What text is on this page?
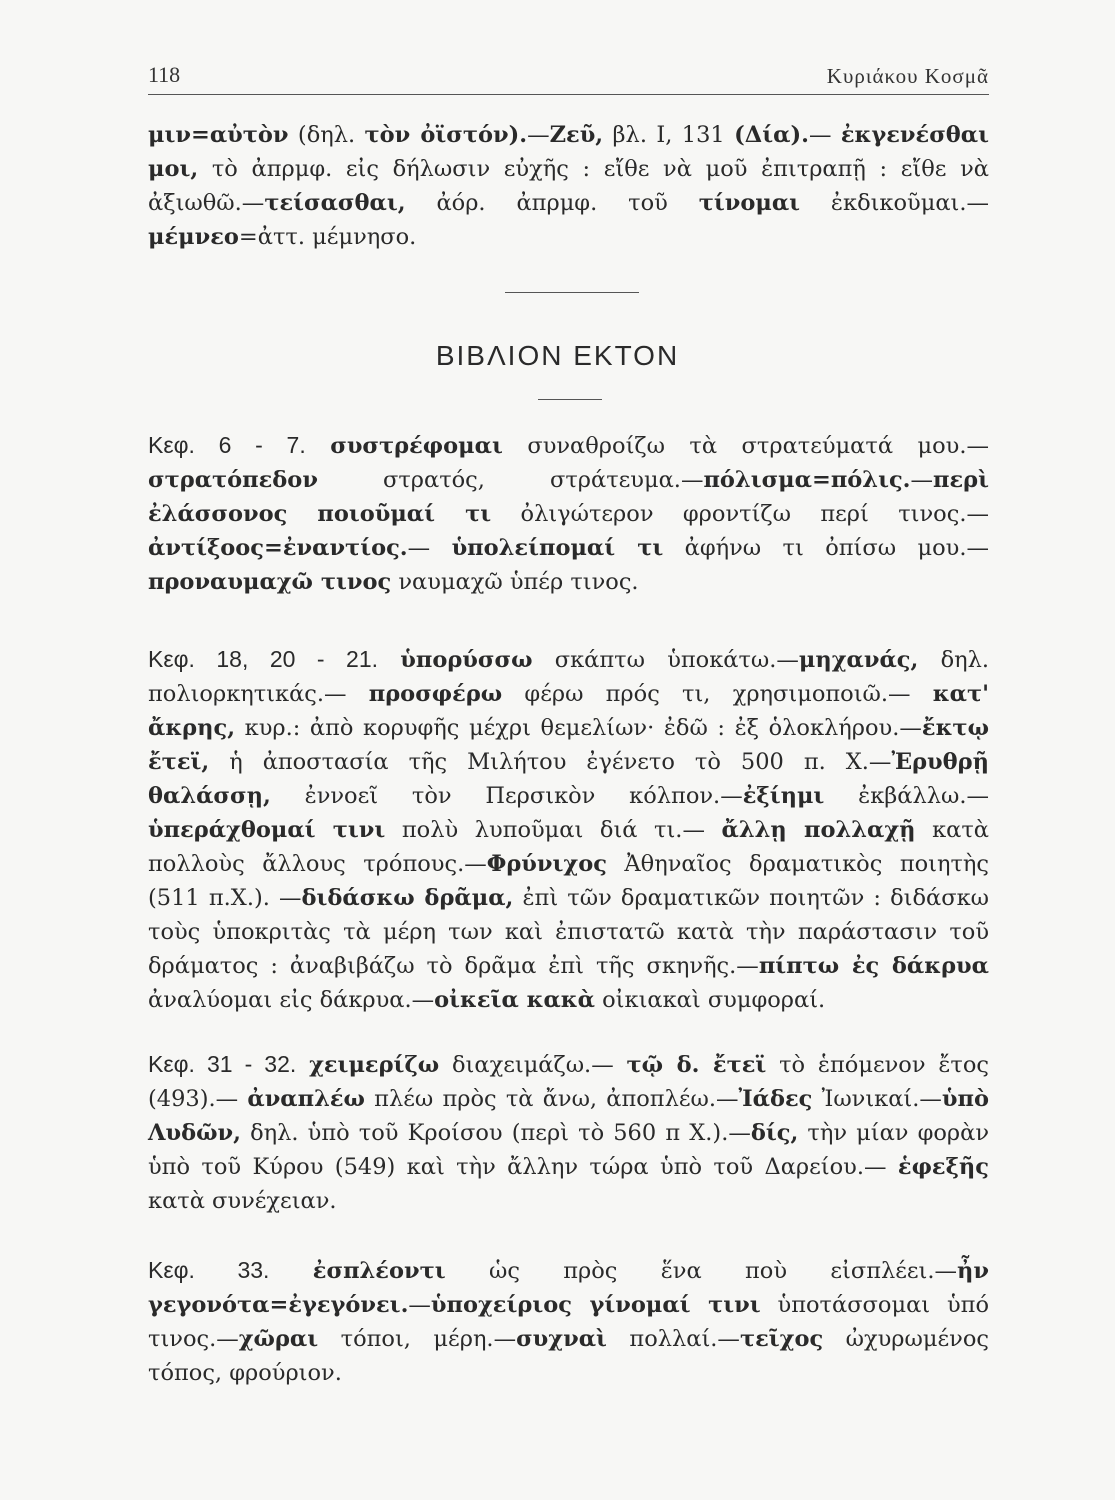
118	Κυριάκου Κοσμᾶ

μιν=αὐτὸν (δηλ. τὸν ὀϊστόν).—Ζεῦ, βλ. I, 131 (Δία).— ἐκγενέσθαι μοι, τὸ ἀπρμφ. εἰς δήλωσιν εὐχῆς : εἴθε νὰ μοῦ ἐπιτραπῇ : εἴθε νὰ ἀξιωθῶ.—τείσασθαι, ἀόρ. ἀπρμφ. τοῦ τίνομαι ἐκδικοῦμαι.—μέμνεο=ἀττ. μέμνησο.

ΒΙΒΛΙΟΝ ΕΚΤΟΝ

Κεφ. 6 - 7. συστρέφομαι συναθροίζω τὰ στρατεύματά μου.— στρατόπεδον στρατός, στράτευμα.—πόλισμα=πόλις.—περὶ ἐλάσσονος ποιοῦμαί τι ὀλιγώτερον φροντίζω περί τινος.—ἀντίξοος=ἐναντίος.— ὑπολείπομαί τι ἀφήνω τι ὀπίσω μου.— προναυμαχῶ τινος ναυμαχῶ ὑπέρ τινος.

Κεφ. 18, 20 - 21. ὑπορύσσω σκάπτω ὑποκάτω.—μηχανάς, δηλ. πολιορκητικάς.— προσφέρω φέρω πρός τι, χρησιμοποιῶ.— κατ' ἄκρης, κυρ.: ἀπὸ κορυφῆς μέχρι θεμελίων· ἐδῶ : ἐξ ὁλοκλήρου.—ἔκτῳ ἔτεϊ, ἡ ἀποστασία τῆς Μιλήτου ἐγένετο τὸ 500 π. Χ.—Ἐρυθρῇ θαλάσσῃ, ἐννοεῖ τὸν Περσικὸν κόλπον.—ἐξίημι ἐκβάλλω.—ὑπεράχθομαί τινι πολὺ λυποῦμαι διά τι.— ἄλλῃ πολλαχῇ κατὰ πολλοὺς ἄλλους τρόπους.—Φρύνιχος Ἀθηναῖος δραματικὸς ποιητὴς (511 π.Χ.). —διδάσκω δρᾶμα, ἐπὶ τῶν δραματικῶν ποιητῶν : διδάσκω τοὺς ὑποκριτὰς τὰ μέρη των καὶ ἐπιστατῶ κατὰ τὴν παράστασιν τοῦ δράματος : ἀναβιβάζω τὸ δρᾶμα ἐπὶ τῆς σκηνῆς.—πίπτω ἐς δάκρυα ἀναλύομαι εἰς δάκρυα.—οἰκεῖα κακὰ οἰκιακαὶ συμφοραί.

Κεφ. 31 - 32. χειμερίζω διαχειμάζω.— τῷ δ. ἔτεϊ τὸ ἑπόμενον ἔτος (493).— ἀναπλέω πλέω πρὸς τὰ ἄνω, ἀποπλέω.—Ἰάδες Ἰωνικαί.—ὑπὸ Λυδῶν, δηλ. ὑπὸ τοῦ Κροίσου (περὶ τὸ 560 π Χ.).—δίς, τὴν μίαν φορὰν ὑπὸ τοῦ Κύρου (549) καὶ τὴν ἄλλην τώρα ὑπὸ τοῦ Δαρείου.— ἑφεξῆς κατὰ συνέχειαν.

Κεφ. 33. ἐσπλέοντι ὡς πρὸς ἕνα ποὺ εἰσπλέει.—ἦν γεγονότα=ἐγεγόνει.—ὑποχείριος γίνομαί τινι ὑποτάσσομαι ὑπό τινος.—χῶραι τόποι, μέρη.—συχναὶ πολλαί.—τεῖχος ὠχυρωμένος τόπος, φρούριον.
